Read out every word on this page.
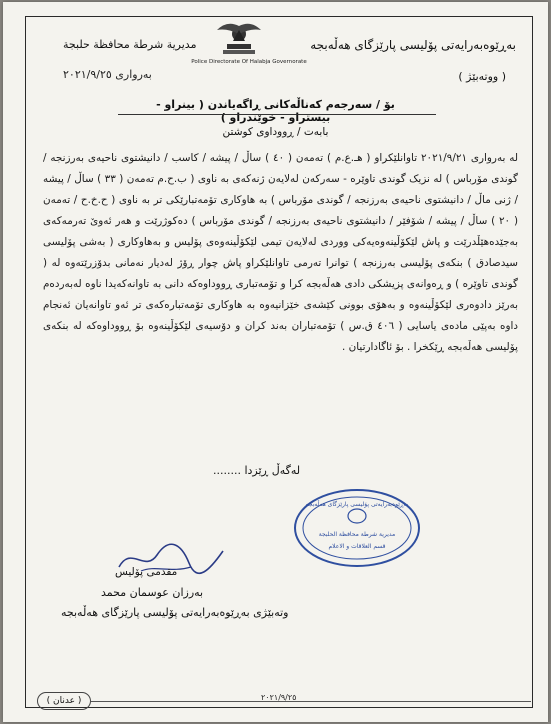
بەڕێوەبەرایەتی پۆلیسی پارێزگای هەڵەبجە
( ووتەبێژ )
مديرية شرطة محافظة حلبجة
بەرواری ٢٠٢١/٩/٢٥
Police Directorate Of Halabja Governorate
بۆ / سەرجەم کەناڵەکانی ڕاگەیاندن ( بینراو - بیستراو - خوێندراو )
بابەت / ڕووداوی کوشتن

لە بەرواری ٢٠٢١/٩/٢١ تاوانلێکراو ( هـ.ع.م ) تەمەن ( ٤٠ ) ساڵ / پیشە / کاسب / دانیشتوی ناحیەی بەرزنجە / گوندی مۆرباس ) لە نزیک گوندی تاوێرە - سەرکەن لەلایەن ژنەکەی بە ناوی ( ب.ح.م تەمەن ( ٣٣ ) ساڵ / پیشە / ژنی ماڵ / دانیشتوی ناحیەی بەرزنجە / گوندی مۆرباس ) بە هاوکاری تۆمەتبارێکی تر بە ناوی ( ح.خ.ح / تەمەن ( ٢٠ ) ساڵ / پیشە / شۆفێر / دانیشتوی ناحیەی بەرزنجە / گوندی مۆرباس ) دەکوژرێت و هەر ئەوێ تەرمەکەی بەجێدەهێڵدرێت و پاش لێکۆڵینەوەیەکی ووردی لەلایەن تیمی لێکۆڵینەوەی پۆلیس و بەهاوکاری ( بەشی پۆلیسی سیدصادق ) بنکەی پۆلیسی بەرزنجە ) توانرا تەرمی تاوانلێکراو پاش چوار ڕۆژ لەدیار نەمانی بدۆزرێتەوە لە ( گوندی تاوێرە ) و ڕەوانەی پزیشکی دادی هەڵەبجە کرا و تۆمەتباری ڕووداوەکە دانی بە تاوانەکەیدا ناوە لەبەردەم بەرێز دادوەری لێکۆڵینەوە و بەهۆی بوونی کێشەی خێزانیەوە بە هاوکاری تۆمەتبارەکەی تر ئەو تاوانەیان ئەنجام داوە بەپێی مادەی یاسایی ( ٤٠٦ ق.س ) تۆمەتباران بەند کران و دۆسیەی لێکۆڵینەوە بۆ ڕووداوەکە لە بنکەی پۆلیسی هەڵەبجە ڕێکخرا . بۆ ئاگادارتیان .

لەگەڵ ڕێزدا ........
بەڕێوەبەرایەتی پۆلیسی پارێزگای هەڵەبجە
مديرية شرطة محافظة الحلبجة
قسم العلاقات و الاعلام
مقدمی پۆلیس
بەرزان عوسمان محمد
وتەبێژی بەڕێوەبەرایەتی پۆلیسی پارێزگای هەڵەبجە
( عدنان )	٢٠٢١/٩/٢٥
